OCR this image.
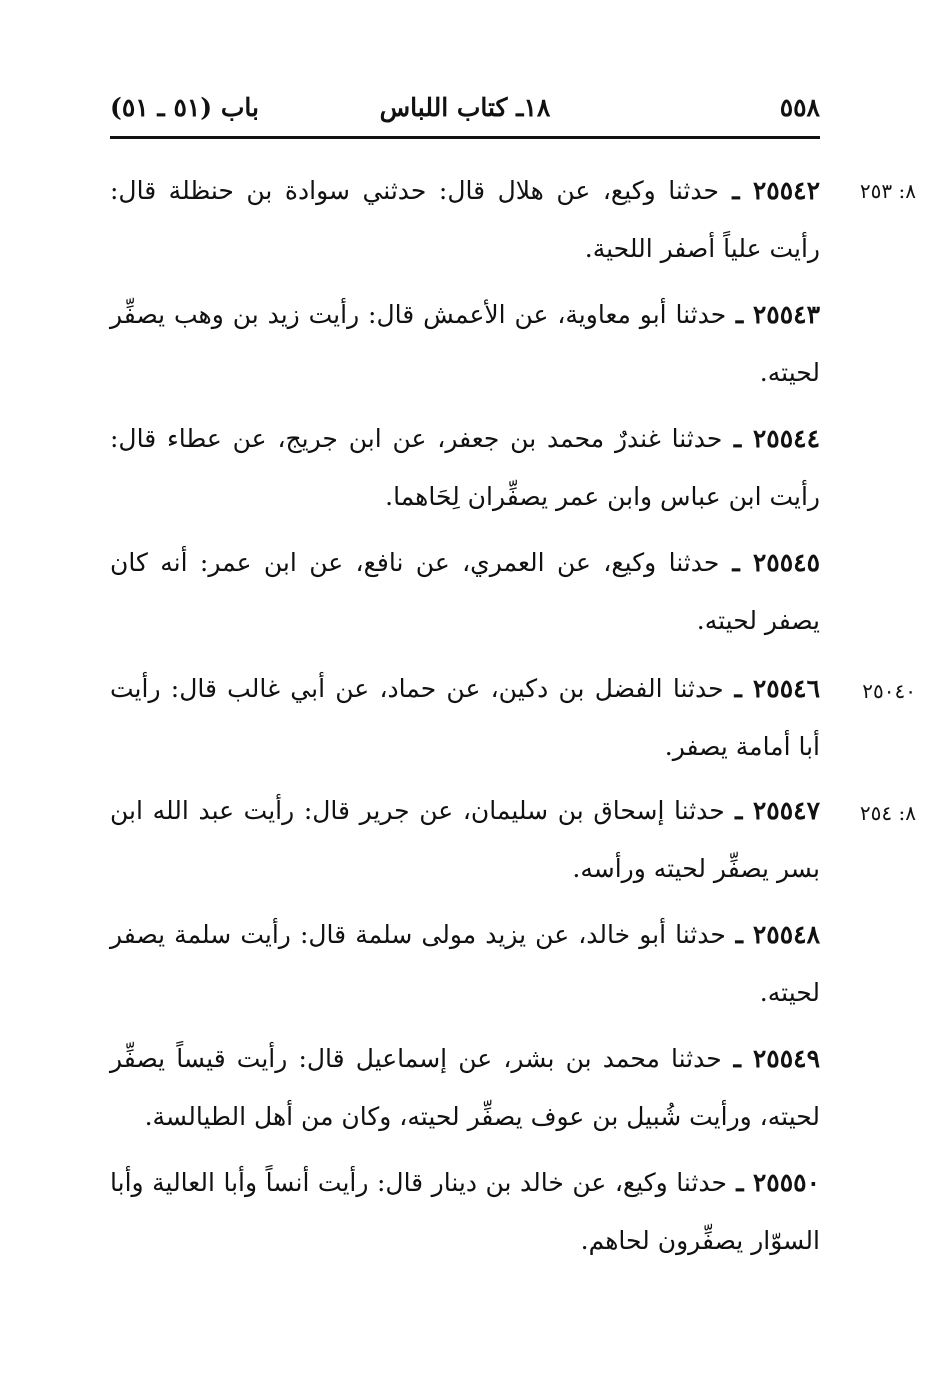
٥٥٨
١٨ـ كتاب اللباس
باب (٥١ ـ ٥١)
٨: ٢٥٣

٢٥٥٤٢ ـ حدثنا وكيع، عن هلال قال: حدثني سوادة بن حنظلة قال: رأيت علياً أصفر اللحية.

٢٥٥٤٣ ـ حدثنا أبو معاوية، عن الأعمش قال: رأيت زيد بن وهب يصفِّر لحيته.

٢٥٥٤٤ ـ حدثنا غندرٌ محمد بن جعفر، عن ابن جريج، عن عطاء قال: رأيت ابن عباس وابن عمر يصفِّران لِحَاهما.

٢٥٥٤٥ ـ حدثنا وكيع، عن العمري، عن نافع، عن ابن عمر: أنه كان يصفر لحيته.

٢٥٠٤٠

٢٥٥٤٦ ـ حدثنا الفضل بن دكين، عن حماد، عن أبي غالب قال: رأيت أبا أمامة يصفر.

٨: ٢٥٤

٢٥٥٤٧ ـ حدثنا إسحاق بن سليمان، عن جرير قال: رأيت عبد الله ابن بسر يصفِّر لحيته ورأسه.

٢٥٥٤٨ ـ حدثنا أبو خالد، عن يزيد مولى سلمة قال: رأيت سلمة يصفر لحيته.

٢٥٥٤٩ ـ حدثنا محمد بن بشر، عن إسماعيل قال: رأيت قيساً يصفِّر لحيته، ورأيت شُبيل بن عوف يصفِّر لحيته، وكان من أهل الطيالسة.

٢٥٥٥٠ ـ حدثنا وكيع، عن خالد بن دينار قال: رأيت أنساً وأبا العالية وأبا السوّار يصفِّرون لحاهم.
